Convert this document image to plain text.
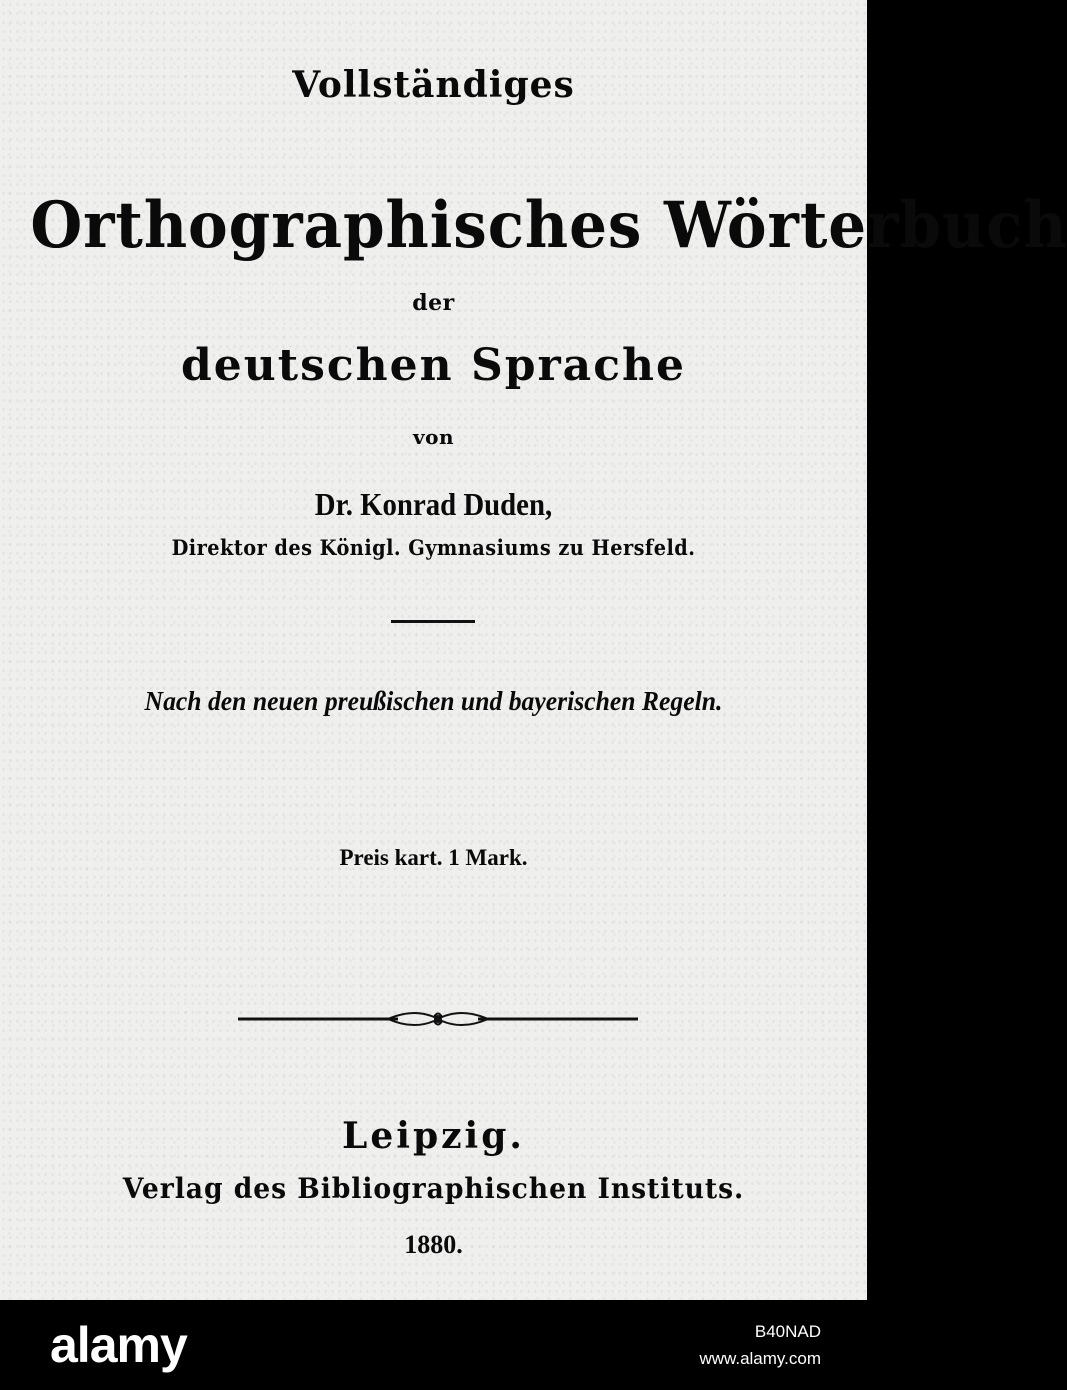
Vollständiges
Orthographisches Wörterbuch
der
deutschen Sprache
von
Dr. Konrad Duden,
Direktor des Königl. Gymnasiums zu Hersfeld.
Nach den neuen preußischen und bayerischen Regeln.
Preis kart. 1 Mark.
Leipzig.
Verlag des Bibliographischen Instituts.
1880.
alamy	B40NAD
www.alamy.com
